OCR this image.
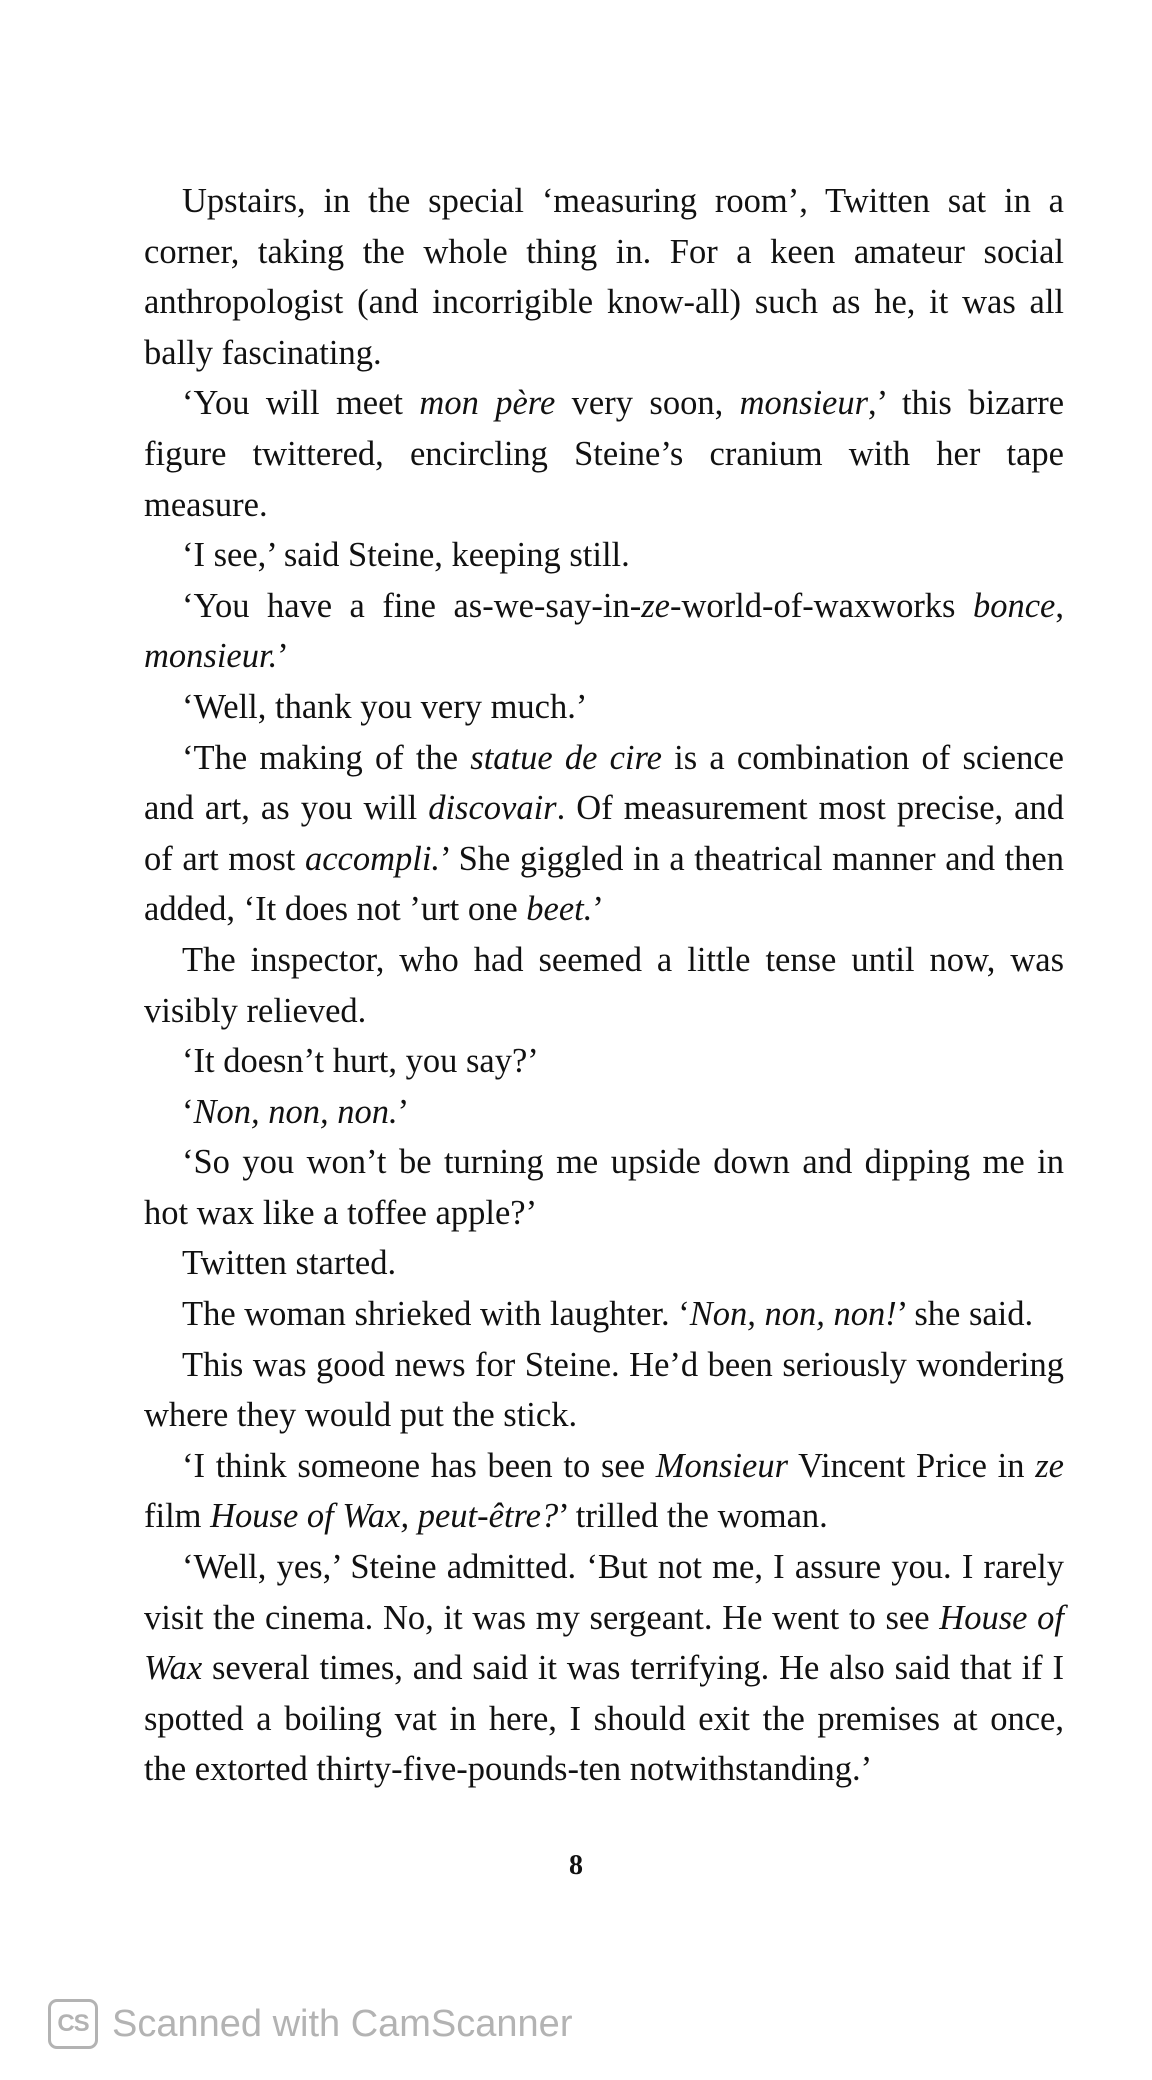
Upstairs, in the special ‘measuring room’, Twitten sat in a corner, taking the whole thing in. For a keen amateur social anthropologist (and incorrigible know-all) such as he, it was all bally fascinating.

‘You will meet mon père very soon, monsieur,’ this bizarre figure twittered, encircling Steine’s cranium with her tape measure.

‘I see,’ said Steine, keeping still.

‘You have a fine as-we-say-in-ze-world-of-waxworks bonce, monsieur.’

‘Well, thank you very much.’

‘The making of the statue de cire is a combination of science and art, as you will discovair. Of measurement most precise, and of art most accompli.’ She giggled in a theatrical manner and then added, ‘It does not ’urt one beet.’

The inspector, who had seemed a little tense until now, was visibly relieved.

‘It doesn’t hurt, you say?’

‘Non, non, non.’

‘So you won’t be turning me upside down and dipping me in hot wax like a toffee apple?’

Twitten started.

The woman shrieked with laughter. ‘Non, non, non!’ she said.

This was good news for Steine. He’d been seriously wondering where they would put the stick.

‘I think someone has been to see Monsieur Vincent Price in ze film House of Wax, peut-être?’ trilled the woman.

‘Well, yes,’ Steine admitted. ‘But not me, I assure you. I rarely visit the cinema. No, it was my sergeant. He went to see House of Wax several times, and said it was terrifying. He also said that if I spotted a boiling vat in here, I should exit the premises at once, the extorted thirty-five-pounds-ten notwithstanding.’

8
CS Scanned with CamScanner
